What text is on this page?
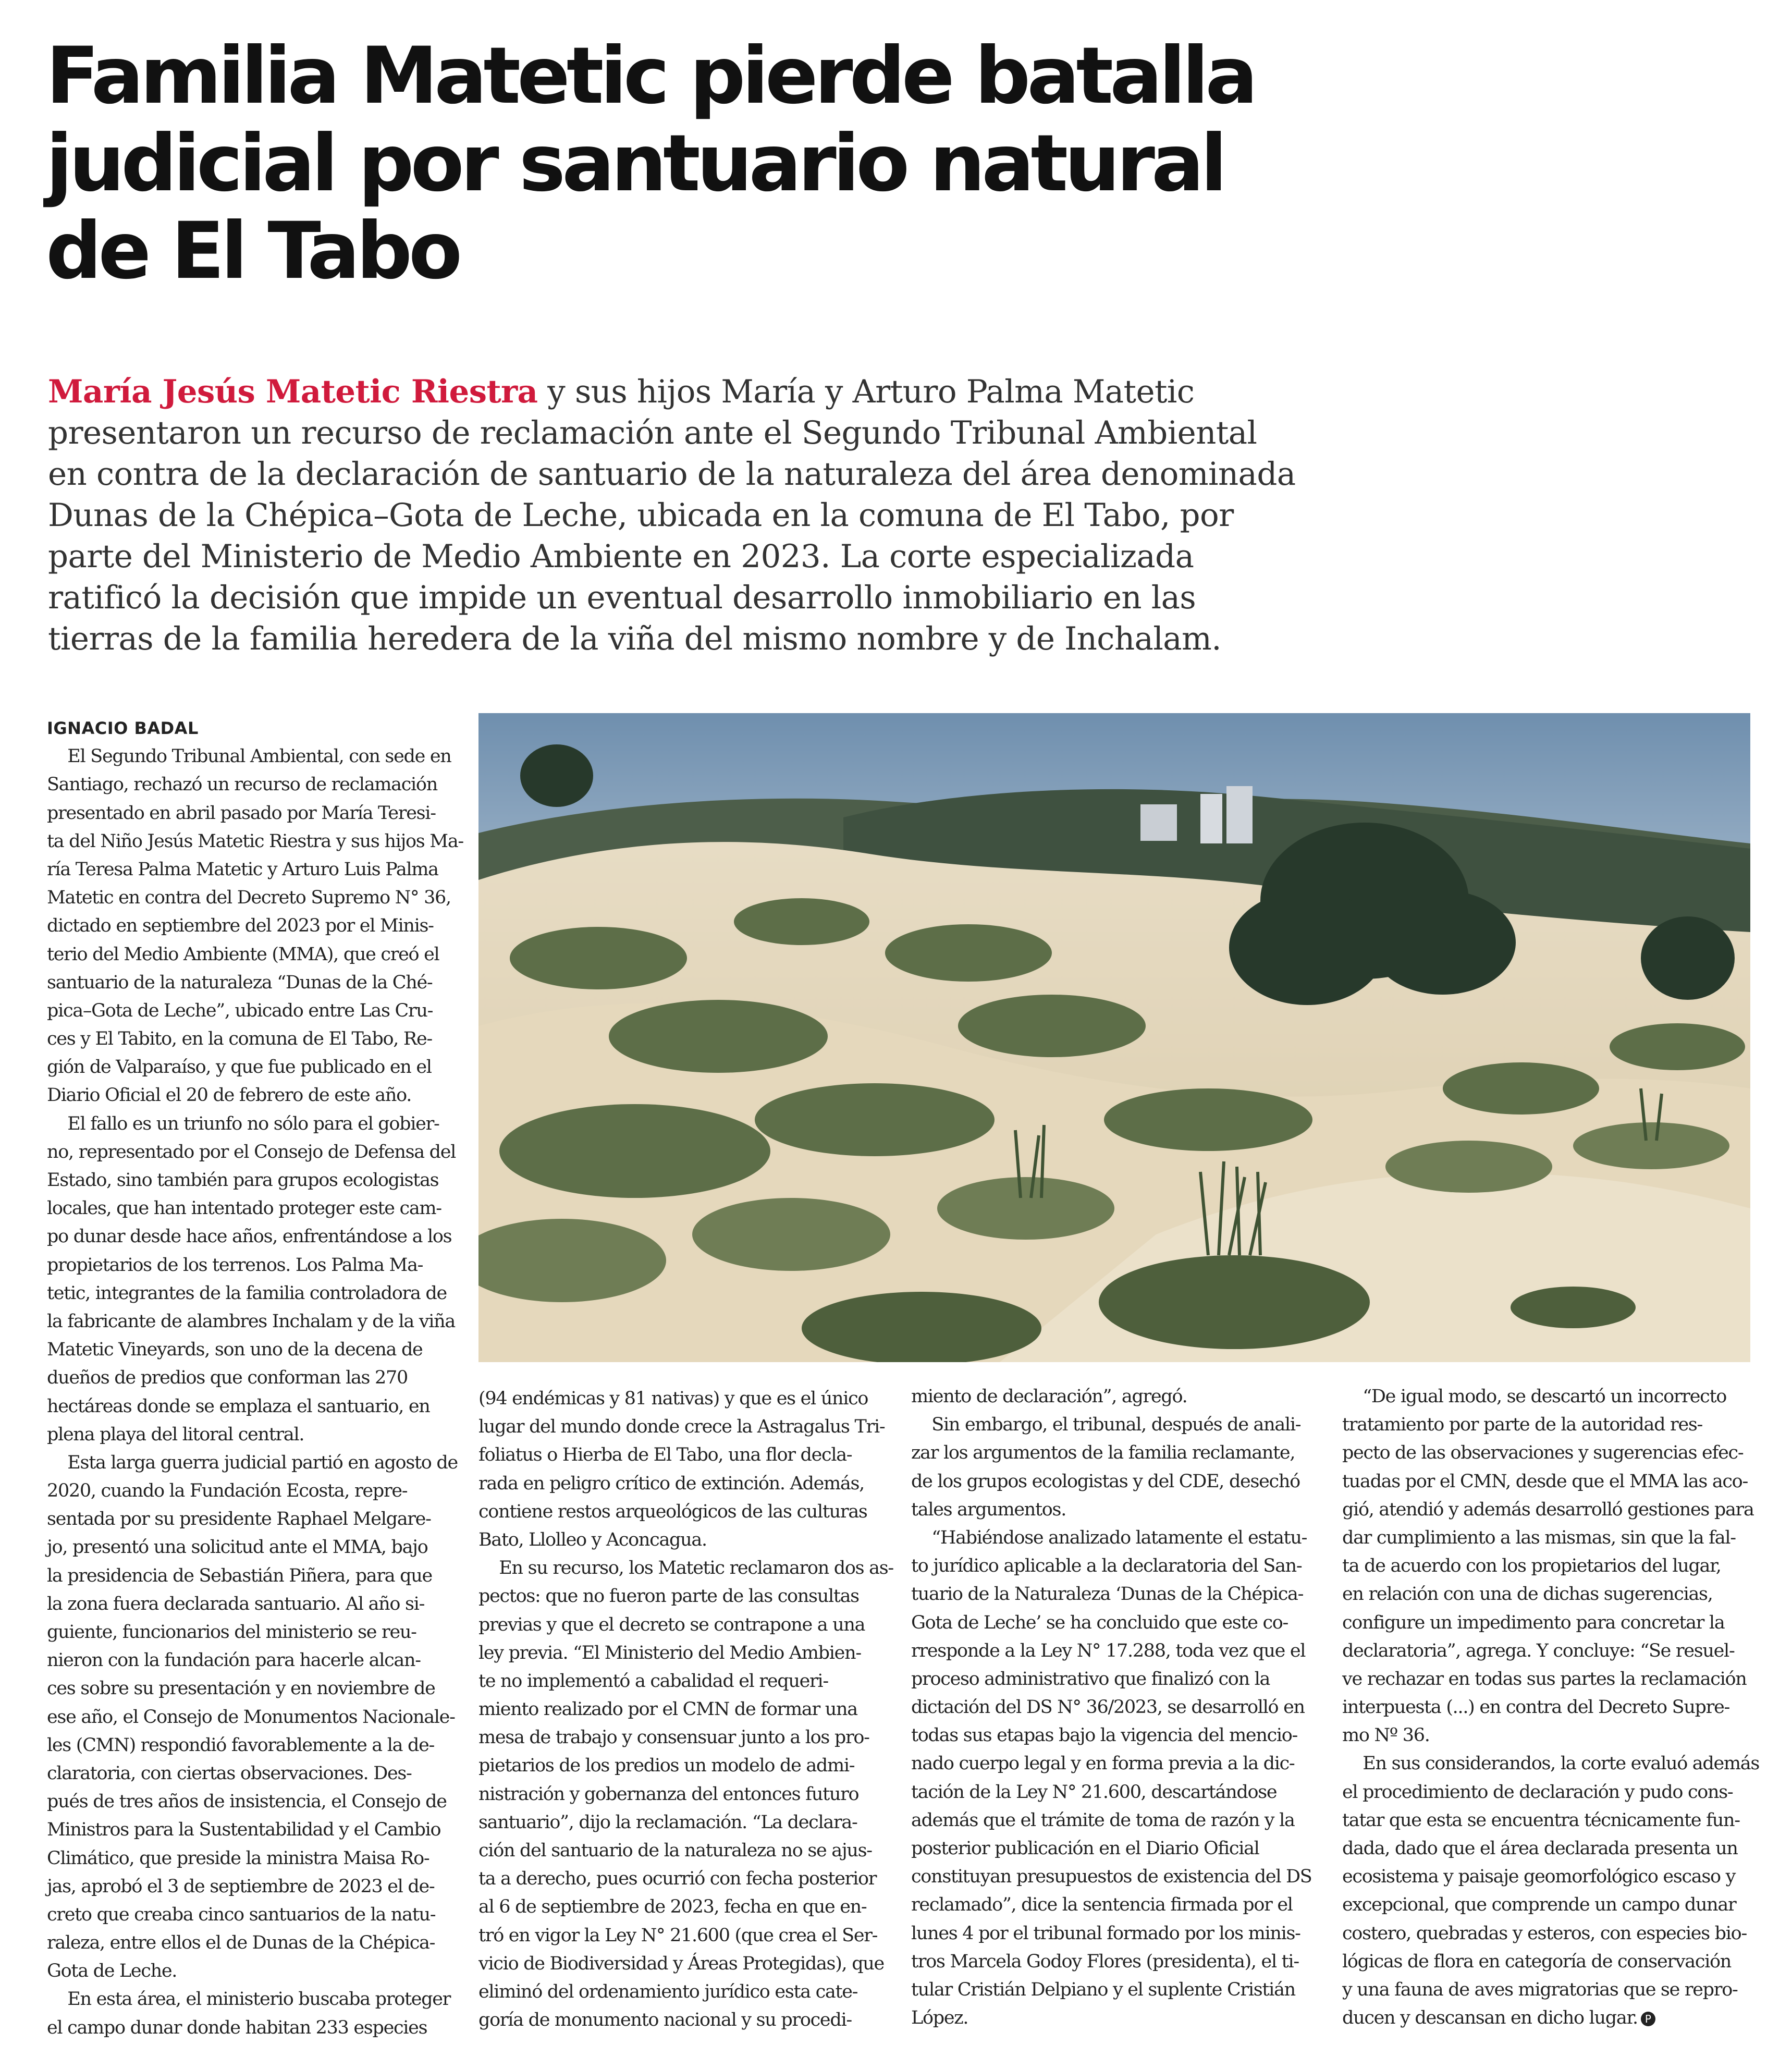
Familia Matetic pierde batalla
judicial por santuario natural
de El Tabo

María Jesús Matetic Riestra y sus hijos María y Arturo Palma Matetic
presentaron un recurso de reclamación ante el Segundo Tribunal Ambiental
en contra de la declaración de santuario de la naturaleza del área denominada
Dunas de la Chépica–Gota de Leche, ubicada en la comuna de El Tabo, por
parte del Ministerio de Medio Ambiente en 2023. La corte especializada
ratificó la decisión que impide un eventual desarrollo inmobiliario en las
tierras de la familia heredera de la viña del mismo nombre y de Inchalam.

IGNACIO BADAL
El Segundo Tribunal Ambiental, con sede en
Santiago, rechazó un recurso de reclamación
presentado en abril pasado por María Teresi-
ta del Niño Jesús Matetic Riestra y sus hijos Ma-
ría Teresa Palma Matetic y Arturo Luis Palma
Matetic en contra del Decreto Supremo N° 36,
dictado en septiembre del 2023 por el Minis-
terio del Medio Ambiente (MMA), que creó el
santuario de la naturaleza “Dunas de la Ché-
pica–Gota de Leche”, ubicado entre Las Cru-
ces y El Tabito, en la comuna de El Tabo, Re-
gión de Valparaíso, y que fue publicado en el
Diario Oficial el 20 de febrero de este año.
El fallo es un triunfo no sólo para el gobier-
no, representado por el Consejo de Defensa del
Estado, sino también para grupos ecologistas
locales, que han intentado proteger este cam-
po dunar desde hace años, enfrentándose a los
propietarios de los terrenos. Los Palma Ma-
tetic, integrantes de la familia controladora de
la fabricante de alambres Inchalam y de la viña
Matetic Vineyards, son uno de la decena de
dueños de predios que conforman las 270
hectáreas donde se emplaza el santuario, en
plena playa del litoral central.
Esta larga guerra judicial partió en agosto de
2020, cuando la Fundación Ecosta, repre-
sentada por su presidente Raphael Melgare-
jo, presentó una solicitud ante el MMA, bajo
la presidencia de Sebastián Piñera, para que
la zona fuera declarada santuario. Al año si-
guiente, funcionarios del ministerio se reu-
nieron con la fundación para hacerle alcan-
ces sobre su presentación y en noviembre de
ese año, el Consejo de Monumentos Nacionale-
les (CMN) respondió favorablemente a la de-
claratoria, con ciertas observaciones. Des-
pués de tres años de insistencia, el Consejo de
Ministros para la Sustentabilidad y el Cambio
Climático, que preside la ministra Maisa Ro-
jas, aprobó el 3 de septiembre de 2023 el de-
creto que creaba cinco santuarios de la natu-
raleza, entre ellos el de Dunas de la Chépica-
Gota de Leche.
En esta área, el ministerio buscaba proteger
el campo dunar donde habitan 233 especies
(94 endémicas y 81 nativas) y que es el único
lugar del mundo donde crece la Astragalus Tri-
foliatus o Hierba de El Tabo, una flor decla-
rada en peligro crítico de extinción. Además,
contiene restos arqueológicos de las culturas
Bato, Llolleo y Aconcagua.
En su recurso, los Matetic reclamaron dos as-
pectos: que no fueron parte de las consultas
previas y que el decreto se contrapone a una
ley previa. “El Ministerio del Medio Ambien-
te no implementó a cabalidad el requeri-
miento realizado por el CMN de formar una
mesa de trabajo y consensuar junto a los pro-
pietarios de los predios un modelo de admi-
nistración y gobernanza del entonces futuro
santuario”, dijo la reclamación. “La declara-
ción del santuario de la naturaleza no se ajus-
ta a derecho, pues ocurrió con fecha posterior
al 6 de septiembre de 2023, fecha en que en-
tró en vigor la Ley N° 21.600 (que crea el Ser-
vicio de Biodiversidad y Áreas Protegidas), que
eliminó del ordenamiento jurídico esta cate-
goría de monumento nacional y su procedi-
miento de declaración”, agregó.
Sin embargo, el tribunal, después de anali-
zar los argumentos de la familia reclamante,
de los grupos ecologistas y del CDE, desechó
tales argumentos.
“Habiéndose analizado latamente el estatu-
to jurídico aplicable a la declaratoria del San-
tuario de la Naturaleza ‘Dunas de la Chépica-
Gota de Leche’ se ha concluido que este co-
rresponde a la Ley N° 17.288, toda vez que el
proceso administrativo que finalizó con la
dictación del DS N° 36/2023, se desarrolló en
todas sus etapas bajo la vigencia del mencio-
nado cuerpo legal y en forma previa a la dic-
tación de la Ley N° 21.600, descartándose
además que el trámite de toma de razón y la
posterior publicación en el Diario Oficial
constituyan presupuestos de existencia del DS
reclamado”, dice la sentencia firmada por el
lunes 4 por el tribunal formado por los minis-
tros Marcela Godoy Flores (presidenta), el ti-
tular Cristián Delpiano y el suplente Cristián
López.
“De igual modo, se descartó un incorrecto
tratamiento por parte de la autoridad res-
pecto de las observaciones y sugerencias efec-
tuadas por el CMN, desde que el MMA las aco-
gió, atendió y además desarrolló gestiones para
dar cumplimiento a las mismas, sin que la fal-
ta de acuerdo con los propietarios del lugar,
en relación con una de dichas sugerencias,
configure un impedimento para concretar la
declaratoria”, agrega. Y concluye: “Se resuel-
ve rechazar en todas sus partes la reclamación
interpuesta (...) en contra del Decreto Supre-
mo Nº 36.
En sus considerandos, la corte evaluó además
el procedimiento de declaración y pudo cons-
tatar que esta se encuentra técnicamente fun-
dada, dado que el área declarada presenta un
ecosistema y paisaje geomorfológico escaso y
excepcional, que comprende un campo dunar
costero, quebradas y esteros, con especies bio-
lógicas de flora en categoría de conservación
y una fauna de aves migratorias que se repro-
ducen y descansan en dicho lugar. P
